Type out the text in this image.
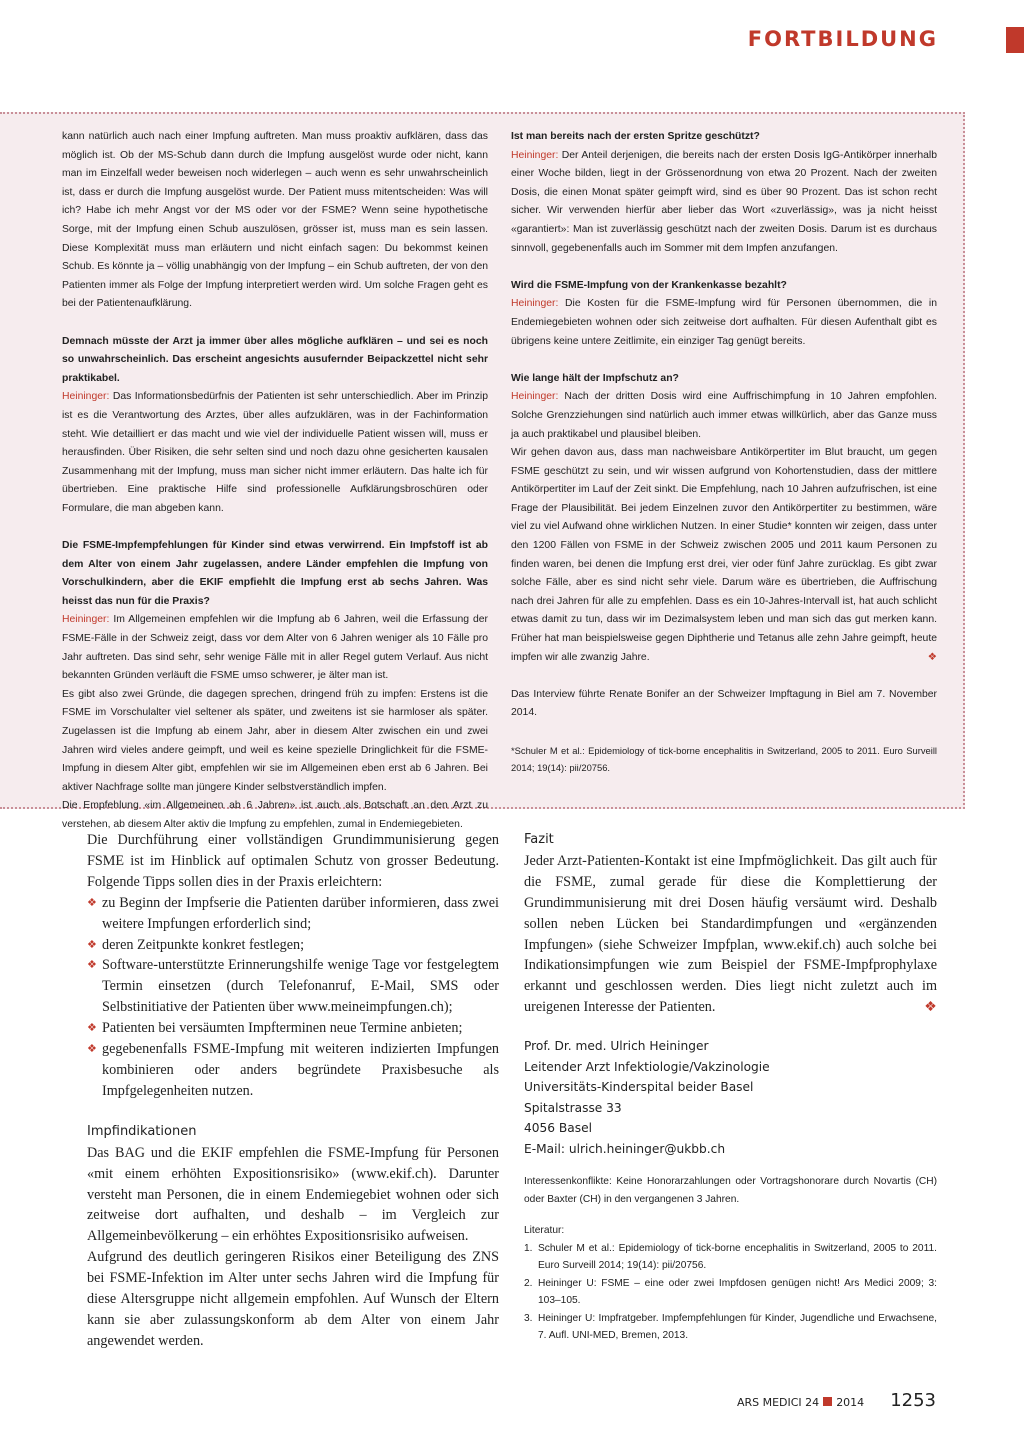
FORTBILDUNG

kann natürlich auch nach einer Impfung auftreten. Man muss proaktiv aufklären, dass das möglich ist. Ob der MS-Schub dann durch die Impfung ausgelöst wurde oder nicht, kann man im Einzelfall weder beweisen noch widerlegen – auch wenn es sehr unwahrscheinlich ist, dass er durch die Impfung ausgelöst wurde. Der Patient muss mitentscheiden: Was will ich? Habe ich mehr Angst vor der MS oder vor der FSME? Wenn seine hypothetische Sorge, mit der Impfung einen Schub auszulösen, grösser ist, muss man es sein lassen. Diese Komplexität muss man erläutern und nicht einfach sagen: Du bekommst keinen Schub. Es könnte ja – völlig unabhängig von der Impfung – ein Schub auftreten, der von den Patienten immer als Folge der Impfung interpretiert werden wird. Um solche Fragen geht es bei der Patientenaufklärung.

Demnach müsste der Arzt ja immer über alles mögliche aufklären – und sei es noch so unwahrscheinlich. Das erscheint angesichts ausufernder Beipackzettel nicht sehr praktikabel.

Heininger: Das Informationsbedürfnis der Patienten ist sehr unterschiedlich. Aber im Prinzip ist es die Verantwortung des Arztes, über alles aufzuklären, was in der Fachinformation steht. Wie detailliert er das macht und wie viel der individuelle Patient wissen will, muss er herausfinden. Über Risiken, die sehr selten sind und noch dazu ohne gesicherten kausalen Zusammenhang mit der Impfung, muss man sicher nicht immer erläutern. Das halte ich für übertrieben. Eine praktische Hilfe sind professionelle Aufklärungsbroschüren oder Formulare, die man abgeben kann.

Die FSME-Impfempfehlungen für Kinder sind etwas verwirrend. Ein Impfstoff ist ab dem Alter von einem Jahr zugelassen, andere Länder empfehlen die Impfung von Vorschulkindern, aber die EKIF empfiehlt die Impfung erst ab sechs Jahren. Was heisst das nun für die Praxis?

Heininger: Im Allgemeinen empfehlen wir die Impfung ab 6 Jahren, weil die Erfassung der FSME-Fälle in der Schweiz zeigt, dass vor dem Alter von 6 Jahren weniger als 10 Fälle pro Jahr auftreten. Das sind sehr, sehr wenige Fälle mit in aller Regel gutem Verlauf. Aus nicht bekannten Gründen verläuft die FSME umso schwerer, je älter man ist.

Es gibt also zwei Gründe, die dagegen sprechen, dringend früh zu impfen: Erstens ist die FSME im Vorschulalter viel seltener als später, und zweitens ist sie harmloser als später. Zugelassen ist die Impfung ab einem Jahr, aber in diesem Alter zwischen ein und zwei Jahren wird vieles andere geimpft, und weil es keine spezielle Dringlichkeit für die FSME-Impfung in diesem Alter gibt, empfehlen wir sie im Allgemeinen eben erst ab 6 Jahren. Bei aktiver Nachfrage sollte man jüngere Kinder selbstverständlich impfen.

Die Empfehlung «im Allgemeinen ab 6 Jahren» ist auch als Botschaft an den Arzt zu verstehen, ab diesem Alter aktiv die Impfung zu empfehlen, zumal in Endemiegebieten.

Ist man bereits nach der ersten Spritze geschützt?

Heininger: Der Anteil derjenigen, die bereits nach der ersten Dosis IgG-Antikörper innerhalb einer Woche bilden, liegt in der Grössenordnung von etwa 20 Prozent. Nach der zweiten Dosis, die einen Monat später geimpft wird, sind es über 90 Prozent. Das ist schon recht sicher. Wir verwenden hierfür aber lieber das Wort «zuverlässig», was ja nicht heisst «garantiert»: Man ist zuverlässig geschützt nach der zweiten Dosis. Darum ist es durchaus sinnvoll, gegebenenfalls auch im Sommer mit dem Impfen anzufangen.

Wird die FSME-Impfung von der Krankenkasse bezahlt?

Heininger: Die Kosten für die FSME-Impfung wird für Personen übernommen, die in Endemiegebieten wohnen oder sich zeitweise dort aufhalten. Für diesen Aufenthalt gibt es übrigens keine untere Zeitlimite, ein einziger Tag genügt bereits.

Wie lange hält der Impfschutz an?

Heininger: Nach der dritten Dosis wird eine Auffrischimpfung in 10 Jahren empfohlen. Solche Grenzziehungen sind natürlich auch immer etwas willkürlich, aber das Ganze muss ja auch praktikabel und plausibel bleiben.

Wir gehen davon aus, dass man nachweisbare Antikörpertiter im Blut braucht, um gegen FSME geschützt zu sein, und wir wissen aufgrund von Kohortenstudien, dass der mittlere Antikörpertiter im Lauf der Zeit sinkt. Die Empfehlung, nach 10 Jahren aufzufrischen, ist eine Frage der Plausibilität. Bei jedem Einzelnen zuvor den Antikörpertiter zu bestimmen, wäre viel zu viel Aufwand ohne wirklichen Nutzen. In einer Studie* konnten wir zeigen, dass unter den 1200 Fällen von FSME in der Schweiz zwischen 2005 und 2011 kaum Personen zu finden waren, bei denen die Impfung erst drei, vier oder fünf Jahre zurücklag. Es gibt zwar solche Fälle, aber es sind nicht sehr viele. Darum wäre es übertrieben, die Auffrischung nach drei Jahren für alle zu empfehlen. Dass es ein 10-Jahres-Intervall ist, hat auch schlicht etwas damit zu tun, dass wir im Dezimalsystem leben und man sich das gut merken kann. Früher hat man beispielsweise gegen Diphtherie und Tetanus alle zehn Jahre geimpft, heute impfen wir alle zwanzig Jahre.	❖

Das Interview führte Renate Bonifer an der Schweizer Impftagung in Biel am 7. November 2014.

*Schuler M et al.: Epidemiology of tick-borne encephalitis in Switzerland, 2005 to 2011. Euro Surveill 2014; 19(14): pii/20756.

Die Durchführung einer vollständigen Grundimmunisierung gegen FSME ist im Hinblick auf optimalen Schutz von grosser Bedeutung. Folgende Tipps sollen dies in der Praxis erleichtern:

❖ zu Beginn der Impfserie die Patienten darüber informieren, dass zwei weitere Impfungen erforderlich sind;
❖ deren Zeitpunkte konkret festlegen;
❖ Software-unterstützte Erinnerungshilfe wenige Tage vor festgelegtem Termin einsetzen (durch Telefonanruf, E-Mail, SMS oder Selbstinitiative der Patienten über www.meineimpfungen.ch);
❖ Patienten bei versäumten Impfterminen neue Termine anbieten;
❖ gegebenenfalls FSME-Impfung mit weiteren indizierten Impfungen kombinieren oder anders begründete Praxisbesuche als Impfgelegenheiten nutzen.
Impfindikationen

Das BAG und die EKIF empfehlen die FSME-Impfung für Personen «mit einem erhöhten Expositionsrisiko» (www.ekif.ch). Darunter versteht man Personen, die in einem Endemiegebiet wohnen oder sich zeitweise dort aufhalten, und deshalb – im Vergleich zur Allgemeinbevölkerung – ein erhöhtes Expositionsrisiko aufweisen.

Aufgrund des deutlich geringeren Risikos einer Beteiligung des ZNS bei FSME-Infektion im Alter unter sechs Jahren wird die Impfung für diese Altersgruppe nicht allgemein empfohlen. Auf Wunsch der Eltern kann sie aber zulassungskonform ab dem Alter von einem Jahr angewendet werden.

Fazit

Jeder Arzt-Patienten-Kontakt ist eine Impfmöglichkeit. Das gilt auch für die FSME, zumal gerade für diese die Komplettierung der Grundimmunisierung mit drei Dosen häufig versäumt wird. Deshalb sollen neben Lücken bei Standardimpfungen und «ergänzenden Impfungen» (siehe Schweizer Impfplan, www.ekif.ch) auch solche bei Indikationsimpfungen wie zum Beispiel der FSME-Impfprophylaxe erkannt und geschlossen werden. Dies liegt nicht zuletzt auch im ureigenen Interesse der Patienten.	❖

Prof. Dr. med. Ulrich Heininger
Leitender Arzt Infektiologie/Vakzinologie
Universitäts-Kinderspital beider Basel
Spitalstrasse 33
4056 Basel
E-Mail: ulrich.heininger@ukbb.ch

Interessenkonflikte: Keine Honorarzahlungen oder Vortragshonorare durch Novartis (CH) oder Baxter (CH) in den vergangenen 3 Jahren.

Literatur:

1. Schuler M et al.: Epidemiology of tick-borne encephalitis in Switzerland, 2005 to 2011. Euro Surveill 2014; 19(14): pii/20756.
2. Heininger U: FSME – eine oder zwei Impfdosen genügen nicht! Ars Medici 2009; 3: 103–105.
3. Heininger U: Impfratgeber. Impfempfehlungen für Kinder, Jugendliche und Erwachsene, 7. Aufl. UNI-MED, Bremen, 2013.
ARS MEDICI 24 2014 1253
